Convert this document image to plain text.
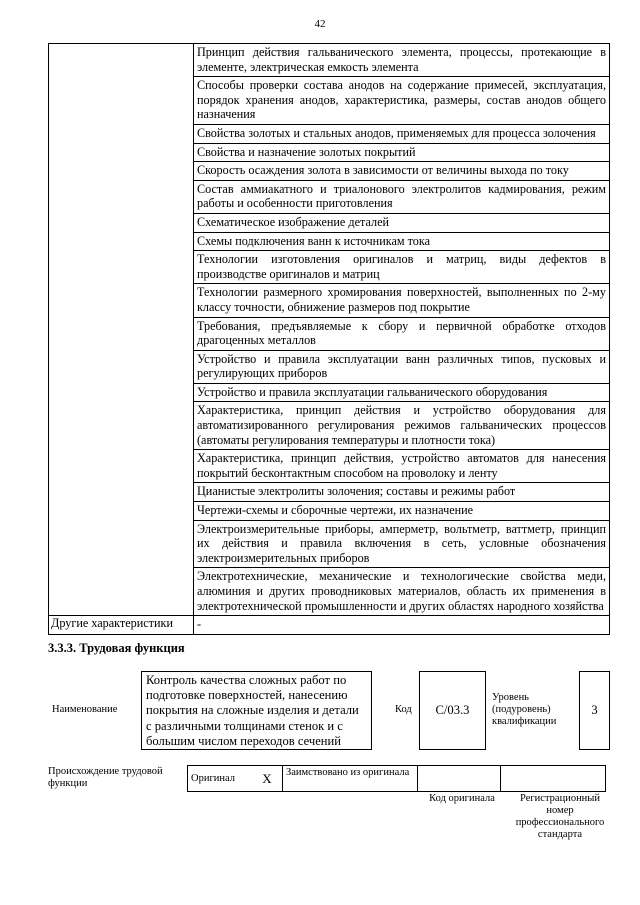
42
	Принцип действия гальванического элемента, процессы, протекающие в элементе, электрическая емкость элемента
	Способы проверки состава анодов на содержание примесей, эксплуатация, порядок хранения анодов, характеристика, размеры, состав анодов общего назначения
	Свойства золотых и стальных анодов, применяемых для процесса золочения
	Свойства и назначение золотых покрытий
	Скорость осаждения золота в зависимости от величины выхода по току
	Состав аммиакатного и триалонового электролитов кадмирования, режим работы и особенности приготовления
	Схематическое изображение деталей
	Схемы подключения ванн к источникам тока
	Технологии изготовления оригиналов и матриц, виды дефектов в производстве оригиналов и матриц
	Технологии размерного хромирования поверхностей, выполненных по 2-му классу точности, обнижение размеров под покрытие
	Требования, предъявляемые к сбору и первичной обработке отходов драгоценных металлов
	Устройство и правила эксплуатации ванн различных типов, пусковых и регулирующих приборов
	Устройство и правила эксплуатации гальванического оборудования
	Характеристика, принцип действия и устройство оборудования для автоматизированного регулирования режимов гальванических процессов (автоматы регулирования температуры и плотности тока)
	Характеристика, принцип действия, устройство автоматов для нанесения покрытий бесконтактным способом на проволоку и ленту
	Цианистые электролиты золочения; составы и режимы работ
	Чертежи-схемы и сборочные чертежи, их назначение
	Электроизмерительные приборы, амперметр, вольтметр, ваттметр, принцип их действия и правила включения в сеть, условные обозначения электроизмерительных приборов
	Электротехнические, механические и технологические свойства меди, алюминия и других проводниковых материалов, область их применения в электротехнической промышленности и других областях народного хозяйства
Другие характеристики	-
3.3.3. Трудовая функция
Наименование
Контроль качества сложных работ по подготовке поверхностей, нанесению покрытия на сложные изделия и детали с различными толщинами стенок и с большим числом переходов сечений
Код	С/03.3
Уровень (подуровень) квалификации
3
Происхождение трудовой функции	Оригинал	X	Заимствовано из оригинала		
Код оригинала	Регистрационный номер профессионального стандарта
